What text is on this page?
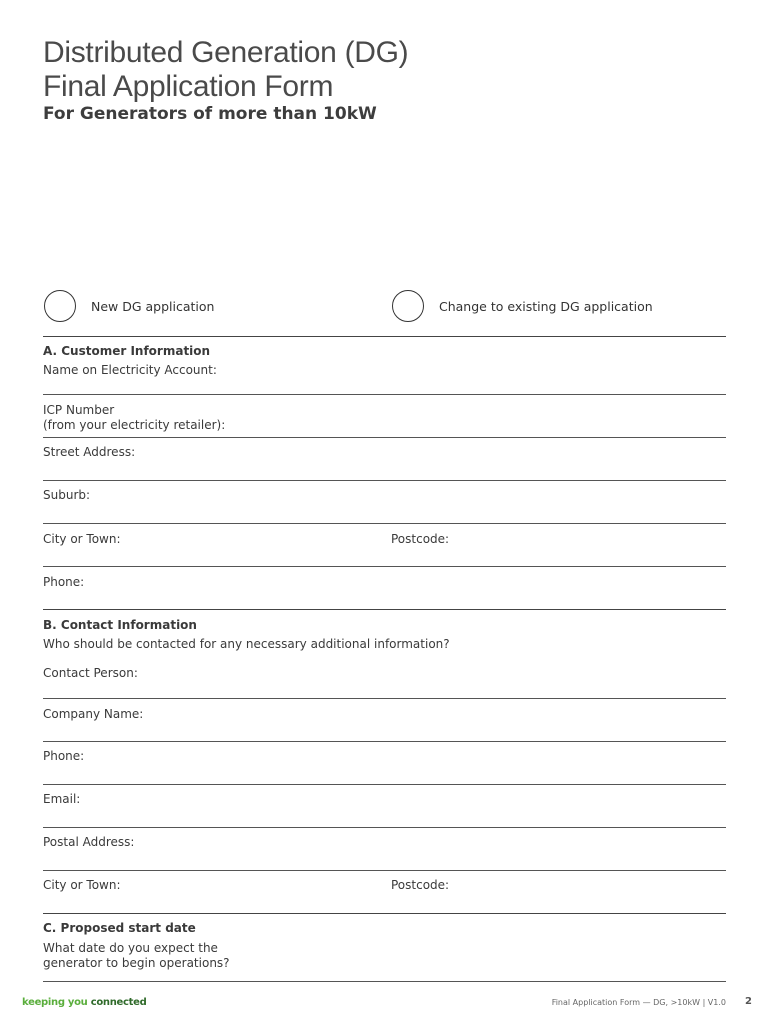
Distributed Generation (DG)
Final Application Form
For Generators of more than 10kW
New DG application	Change to existing DG application
A. Customer Information
Name on Electricity Account:
ICP Number
(from your electricity retailer):
Street Address:
Suburb:
City or Town:	Postcode:
Phone:
B. Contact Information
Who should be contacted for any necessary additional information?
Contact Person:
Company Name:
Phone:
Email:
Postal Address:
City or Town:	Postcode:
C. Proposed start date
What date do you expect the
generator to begin operations?
keeping you connected	Final Application Form — DG, >10kW | V1.0 2
